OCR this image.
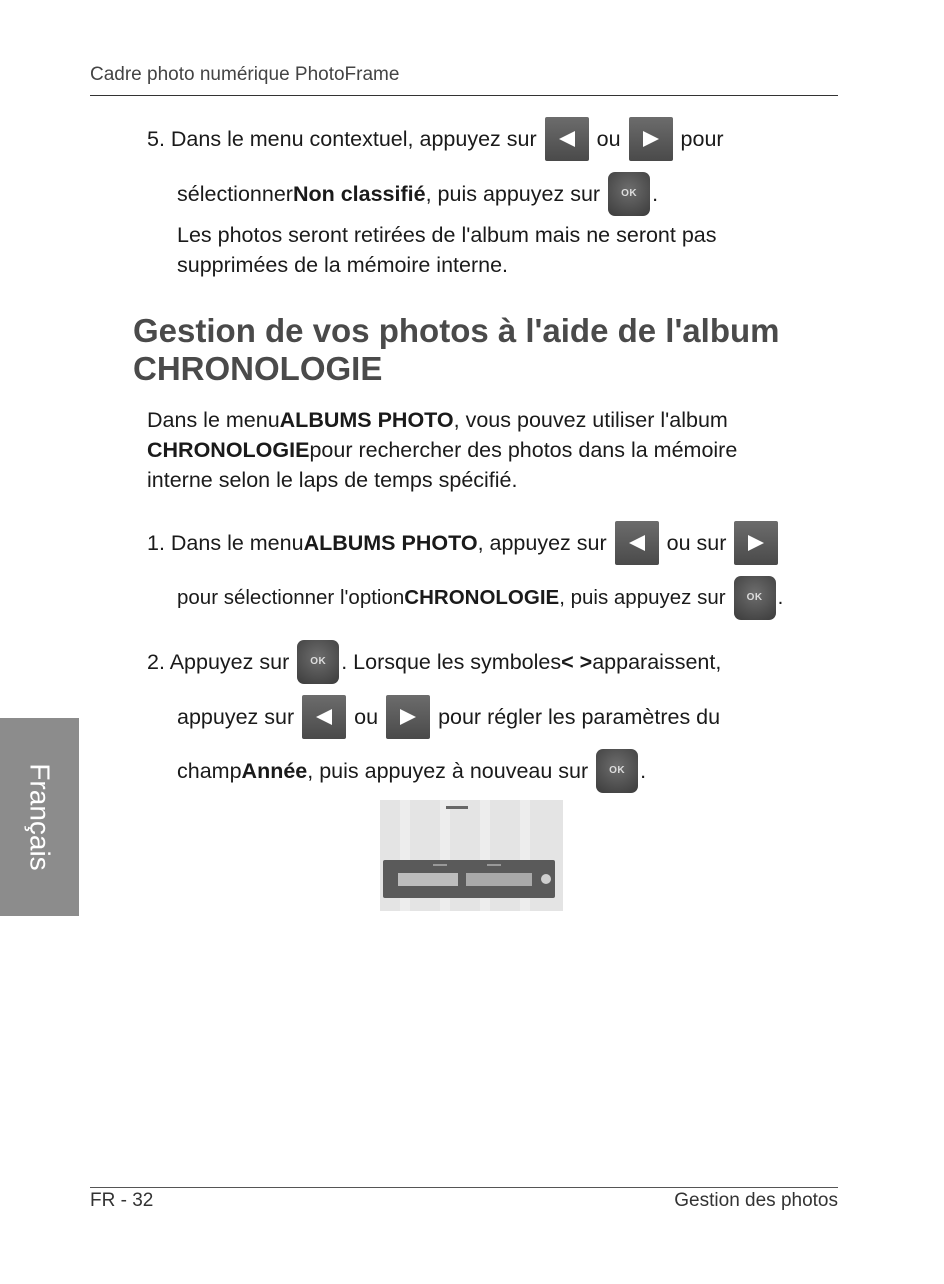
Cadre photo numérique PhotoFrame
5. Dans le menu contextuel, appuyez sur	ou	pour
sélectionner Non classifié , puis appuyez sur OK .
Les photos seront retirées de l'album mais ne seront pas
supprimées de la mémoire interne.
Gestion de vos photos à l'aide de l'album
CHRONOLOGIE
Dans le menu ALBUMS PHOTO , vous pouvez utiliser l'album
CHRONOLOGIE pour rechercher des photos dans la mémoire
interne selon le laps de temps spécifié.
1. Dans le menu ALBUMS PHOTO , appuyez sur	ou sur
pour sélectionner l'option CHRONOLOGIE , puis appuyez sur OK .
2. Appuyez sur OK . Lorsque les symboles < > apparaissent,
appuyez sur	ou	pour régler les paramètres du
champ Année , puis appuyez à nouveau sur OK .
Français
FR - 32	Gestion des photos
